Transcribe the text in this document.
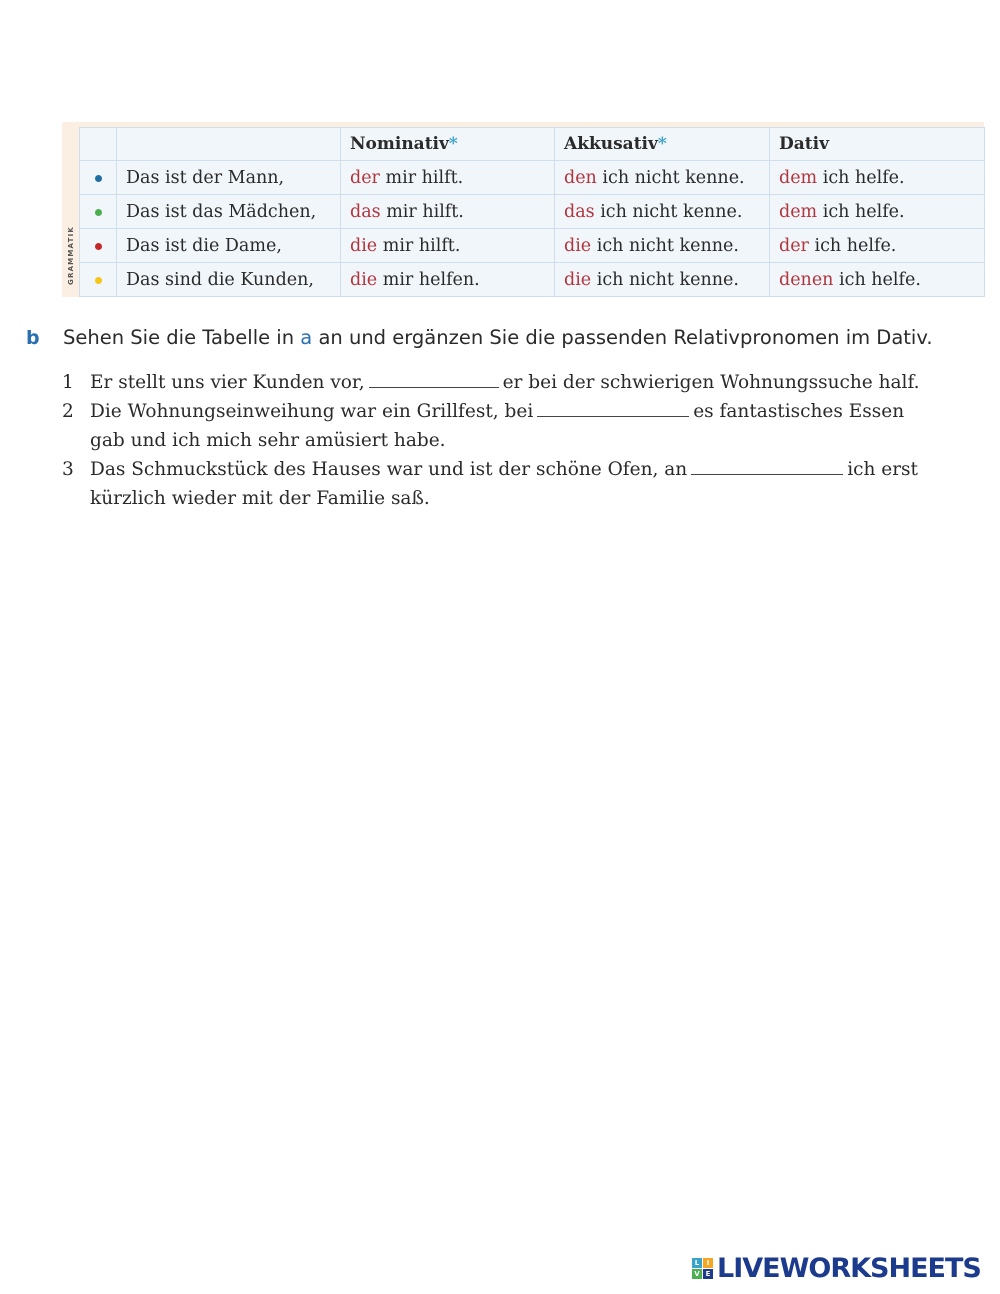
GRAMMATIK
		Nominativ*	Akkusativ*	Dativ
	Das ist der Mann,	der mir hilft.	den ich nicht kenne.	dem ich helfe.
	Das ist das Mädchen,	das mir hilft.	das ich nicht kenne.	dem ich helfe.
	Das ist die Dame,	die mir hilft.	die ich nicht kenne.	der ich helfe.
	Das sind die Kunden,	die mir helfen.	die ich nicht kenne.	denen ich helfe.
b Sehen Sie die Tabelle in a an und ergänzen Sie die passenden Relativpronomen im Dativ.
1 Er stellt uns vier Kunden vor,	er bei der schwierigen Wohnungssuche half.
2 Die Wohnungseinweihung war ein Grillfest, bei	es fantastisches Essen
gab und ich mich sehr amüsiert habe.
3 Das Schmuckstück des Hauses war und ist der schöne Ofen, an	ich erst
kürzlich wieder mit der Familie saß.
L	I
V E LIVEWORKSHEETS
